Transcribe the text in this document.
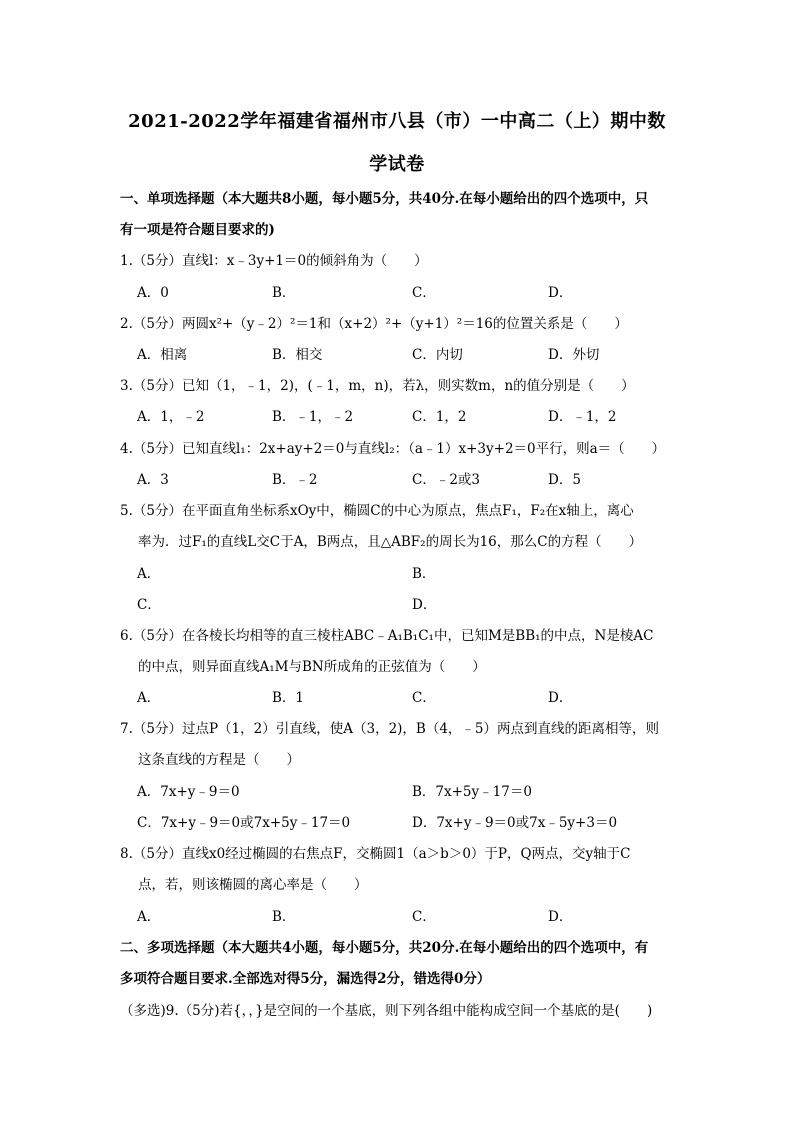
2021-2022学年福建省福州市八县（市）一中高二（上）期中数
学试卷
一、单项选择题（本大题共8小题，每小题5分，共40分.在每小题给出的四个选项中，只
有一项是符合题目要求的)
1.（5分）直线l：x﹣3y+1＝0的倾斜角为（　　）
A．0	B．	C．	D．
2.（5分）两圆x²+（y﹣2）²＝1和（x+2）²+（y+1）²＝16的位置关系是（　　）
A．相离	B．相交	C．内切	D．外切
3.（5分）已知（1，﹣1，2)，(﹣1，m，n)，若λ，则实数m，n的值分别是（　　）
A．1，﹣2	B．﹣1，﹣2	C．1，2	D．﹣1，2
4.（5分）已知直线l₁：2x+ay+2＝0与直线l₂：（a﹣1）x+3y+2＝0平行，则a＝（　　）
A．3	B．﹣2	C．﹣2或3	D．5
5.（5分）在平面直角坐标系xOy中，椭圆C的中心为原点，焦点F₁，F₂在x轴上，离心
率为．过F₁的直线L交C于A，B两点，且△ABF₂的周长为16，那么C的方程（　　）
A．	B．
C．	D．
6.（5分）在各棱长均相等的直三棱柱ABC﹣A₁B₁C₁中，已知M是BB₁的中点，N是棱AC
的中点，则异面直线A₁M与BN所成角的正弦值为（　　）
A．	B．1	C．	D．
7.（5分）过点P（1，2）引直线，使A（3，2)，B（4，﹣5）两点到直线的距离相等，则
这条直线的方程是（　　）
A．7x+y﹣9＝0	B．7x+5y﹣17＝0
C．7x+y﹣9＝0或7x+5y﹣17＝0	D．7x+y﹣9＝0或7x﹣5y+3＝0
8.（5分）直线x0经过椭圆的右焦点F，交椭圆1（a＞b＞0）于P，Q两点，交y轴于C
点，若，则该椭圆的离心率是（　　）
A．	B．	C．	D．
二、多项选择题（本大题共4小题，每小题5分，共20分.在每小题给出的四个选项中，有
多项符合题目要求.全部选对得5分，漏选得2分，错选得0分）
（多选)9.（5分)若{，，}是空间的一个基底，则下列各组中能构成空间一个基底的是(　　)
